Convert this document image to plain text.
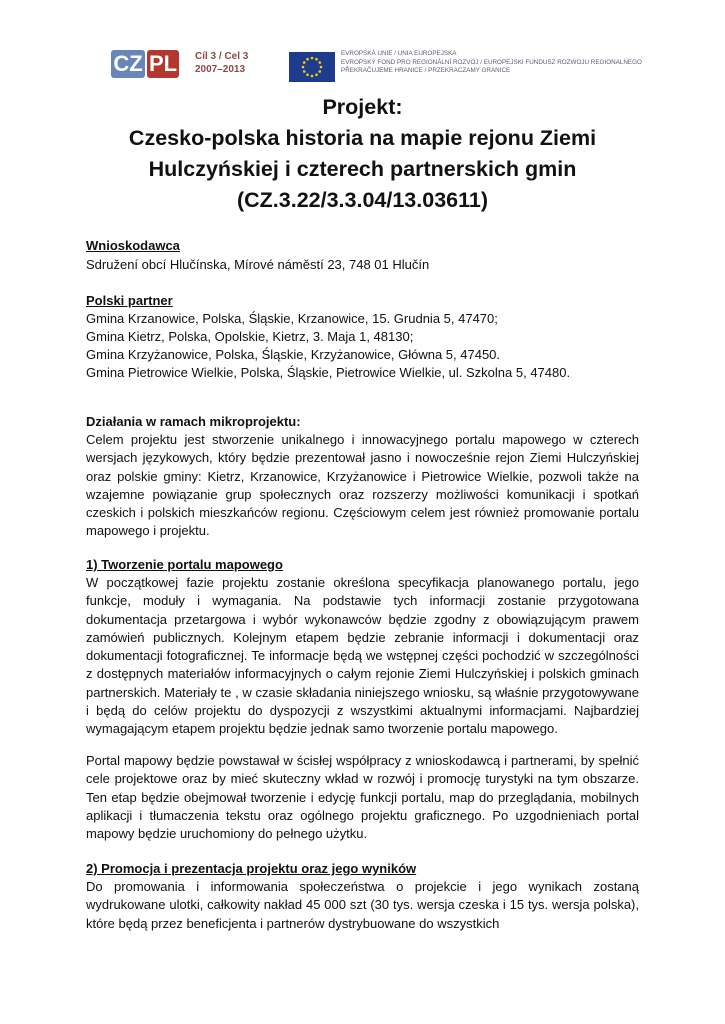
CZ PL Cíl 3 / Cel 3
2007–2013
EVROPSKÁ UNIE / UNIA EUROPEJSKA
EVROPSKÝ FOND PRO REGIONÁLNÍ ROZVOJ / EUROPEJSKI FUNDUSZ ROZWOJU REGIONALNEGO
PŘEKRAČUJEME HRANICE / PRZEKRACZAMY GRANICE
Projekt:
Czesko-polska historia na mapie rejonu Ziemi
Hulczyńskiej i czterech partnerskich gmin
(CZ.3.22/3.3.04/13.03611)
Wnioskodawca
Sdružení obcí Hlučínska, Mírové náměstí 23, 748 01 Hlučín
Polski partner
Gmina Krzanowice, Polska, Śląskie, Krzanowice, 15. Grudnia 5, 47470;
Gmina Kietrz, Polska, Opolskie, Kietrz, 3. Maja 1, 48130;
Gmina Krzyżanowice, Polska, Śląskie, Krzyżanowice, Główna 5, 47450.
Gmina Pietrowice Wielkie, Polska, Śląskie, Pietrowice Wielkie, ul. Szkolna 5, 47480.
Działania w ramach mikroprojektu:
Celem projektu jest stworzenie unikalnego i innowacyjnego portalu mapowego w czterech wersjach językowych, który będzie prezentował jasno i nowocześnie rejon Ziemi Hulczyńskiej oraz polskie gminy: Kietrz, Krzanowice, Krzyżanowice i Pietrowice Wielkie, pozwoli także na wzajemne powiązanie grup społecznych oraz rozszerzy możliwości komunikacji i spotkań czeskich i polskich mieszkańców regionu. Częściowym celem jest również promowanie portalu mapowego i projektu.
1) Tworzenie portalu mapowego
W początkowej fazie projektu zostanie określona specyfikacja planowanego portalu, jego funkcje, moduły i wymagania. Na podstawie tych informacji zostanie przygotowana dokumentacja przetargowa i wybór wykonawców będzie zgodny z obowiązującym prawem zamówień publicznych. Kolejnym etapem będzie zebranie informacji i dokumentacji oraz dokumentacji fotograficznej. Te informacje będą we wstępnej części pochodzić w szczególności z dostępnych materiałów informacyjnych o całym rejonie Ziemi Hulczyńskiej i polskich gminach partnerskich. Materiały te , w czasie składania niniejszego wniosku, są właśnie przygotowywane i będą do celów projektu do dyspozycji z wszystkimi aktualnymi informacjami. Najbardziej wymagającym etapem projektu będzie jednak samo tworzenie portalu mapowego.
Portal mapowy będzie powstawał w ścisłej współpracy z wnioskodawcą i partnerami, by spełnić cele projektowe oraz by mieć skuteczny wkład w rozwój i promocję turystyki na tym obszarze. Ten etap będzie obejmował tworzenie i edycję funkcji portalu, map do przeglądania, mobilnych aplikacji i tłumaczenia tekstu oraz ogólnego projektu graficznego. Po uzgodnieniach portal mapowy będzie uruchomiony do pełnego użytku.
2) Promocja i prezentacja projektu oraz jego wyników
Do promowania i informowania społeczeństwa o projekcie i jego wynikach zostaną wydrukowane ulotki, całkowity nakład 45 000 szt (30 tys. wersja czeska i 15 tys. wersja polska), które będą przez beneficjenta i partnerów dystrybuowane do wszystkich
